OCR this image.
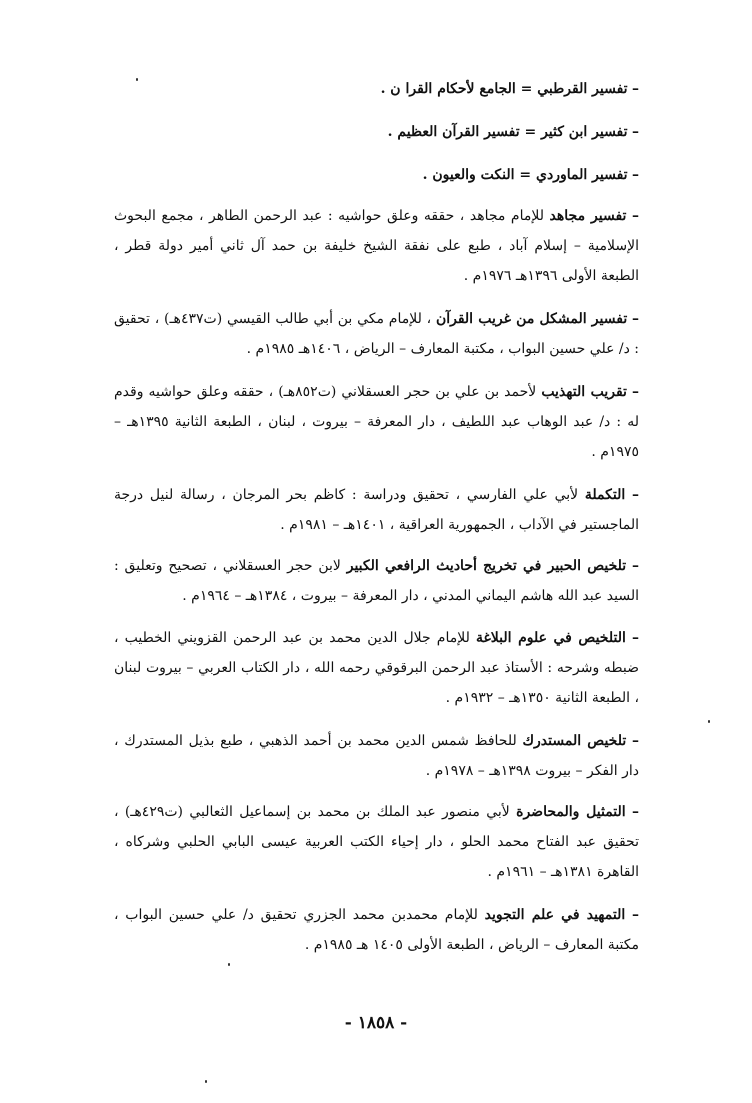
– تفسير القرطبي = الجامع لأحكام القرا ن .
– تفسير ابن كثير = تفسير القرآن العظيم .
– تفسير الماوردي = النكت والعيون .
– تفسير مجاهد للإمام مجاهد ، حققه وعلق حواشيه : عبد الرحمن الطاهر ، مجمع البحوث الإسلامية – إسلام آباد ، طبع على نفقة الشيخ خليفة بن حمد آل ثاني أمير دولة قطر ، الطبعة الأولى ١٣٩٦هـ ١٩٧٦م .
– تفسير المشكل من غريب القرآن ، للإمام مكي بن أبي طالب القيسي (ت٤٣٧هـ) ، تحقيق : د/ علي حسين البواب ، مكتبة المعارف – الرياض ، ١٤٠٦هـ ١٩٨٥م .
– تقريب التهذيب لأحمد بن علي بن حجر العسقلاني (ت٨٥٢هـ) ، حققه وعلق حواشيه وقدم له : د/ عبد الوهاب عبد اللطيف ، دار المعرفة – بيروت ، لبنان ، الطبعة الثانية ١٣٩٥هـ – ١٩٧٥م .
– التكملة لأبي علي الفارسي ، تحقيق ودراسة : كاظم بحر المرجان ، رسالة لنيل درجة الماجستير في الآداب ، الجمهورية العراقية ، ١٤٠١هـ – ١٩٨١م .
– تلخيص الحبير في تخريج أحاديث الرافعي الكبير لابن حجر العسقلاني ، تصحيح وتعليق : السيد عبد الله هاشم اليماني المدني ، دار المعرفة – بيروت ، ١٣٨٤هـ – ١٩٦٤م .
– التلخيص في علوم البلاغة للإمام جلال الدين محمد بن عبد الرحمن القزويني الخطيب ، ضبطه وشرحه : الأستاذ عبد الرحمن البرقوقي رحمه الله ، دار الكتاب العربي – بيروت لبنان ، الطبعة الثانية ١٣٥٠هـ – ١٩٣٢م .
– تلخيص المستدرك للحافظ شمس الدين محمد بن أحمد الذهبي ، طبع بذيل المستدرك ، دار الفكر – بيروت ١٣٩٨هـ – ١٩٧٨م .
– التمثيل والمحاضرة لأبي منصور عبد الملك بن محمد بن إسماعيل الثعالبي (ت٤٢٩هـ) ، تحقيق عبد الفتاح محمد الحلو ، دار إحياء الكتب العربية عيسى البابي الحلبي وشركاه ، القاهرة ١٣٨١هـ – ١٩٦١م .
– التمهيد في علم التجويد للإمام محمدبن محمد الجزري تحقيق د/ علي حسين البواب ، مكتبة المعارف – الرياض ، الطبعة الأولى ١٤٠٥ هـ ١٩٨٥م .
- ١٨٥٨ -
